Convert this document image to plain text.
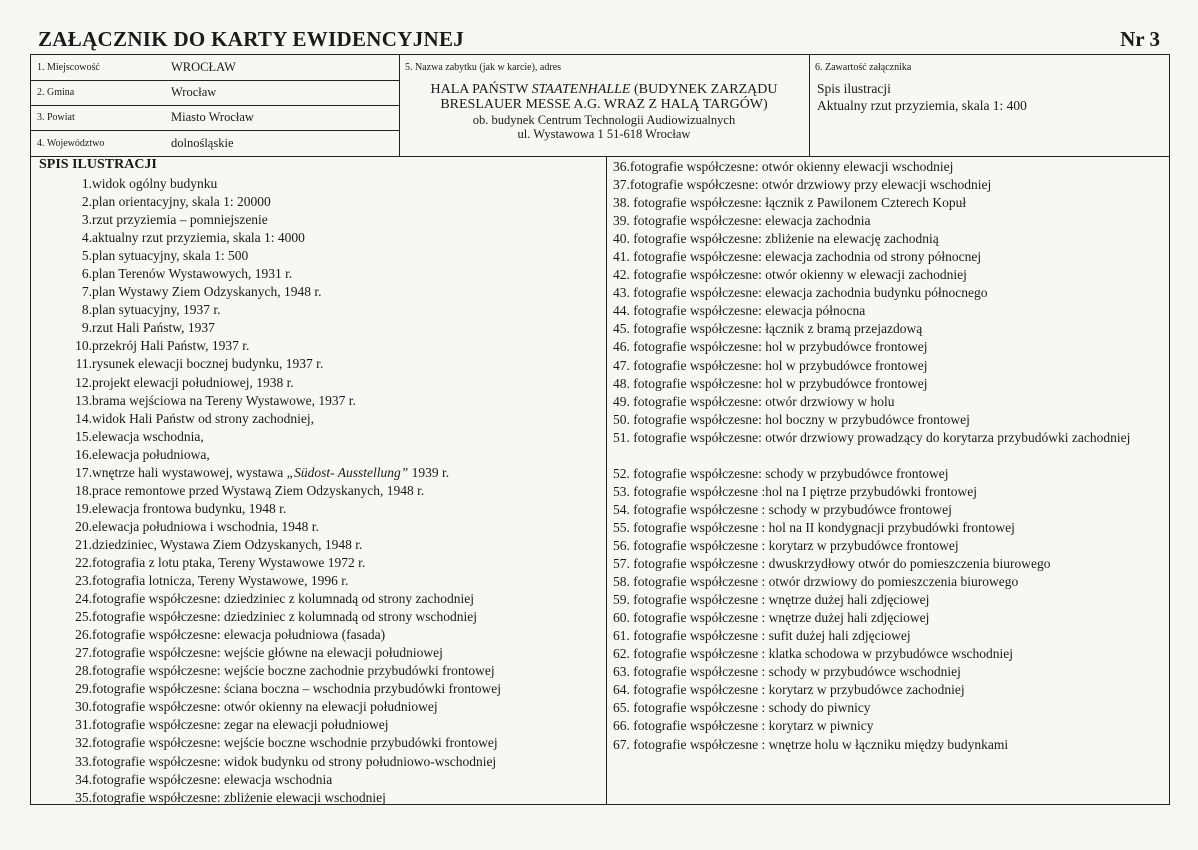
ZAŁĄCZNIK DO KARTY EWIDENCYJNEJ	Nr 3
1. Miejscowość	WROCŁAW
2. Gmina	Wrocław
3. Powiat	Miasto Wrocław
4. Województwo	dolnośląskie
5. Nazwa zabytku (jak w karcie), adres
HALA PAŃSTW STAATENHALLE (BUDYNEK ZARZĄDU
BRESLAUER MESSE A.G. WRAZ Z HALĄ TARGÓW)
ob. budynek Centrum Technologii Audiowizualnych
ul. Wystawowa 1 51-618 Wrocław
6. Zawartość załącznika
Spis ilustracji
Aktualny rzut przyziemia, skala 1: 400
SPIS ILUSTRACJI
1. widok ogólny budynku
2. plan orientacyjny, skala 1: 20000
3. rzut przyziemia – pomniejszenie
4. aktualny rzut przyziemia, skala 1: 4000
5. plan sytuacyjny, skala 1: 500
6. plan Terenów Wystawowych, 1931 r.
7. plan Wystawy Ziem Odzyskanych, 1948 r.
8. plan sytuacyjny, 1937 r.
9. rzut Hali Państw, 1937
10. przekrój Hali Państw, 1937 r.
11. rysunek elewacji bocznej budynku, 1937 r.
12. projekt elewacji południowej, 1938 r.
13. brama wejściowa na Tereny Wystawowe, 1937 r.
14. widok Hali Państw od strony zachodniej,
15. elewacja wschodnia,
16. elewacja południowa,
17. wnętrze hali wystawowej, wystawa „Südost- Ausstellung” 1939 r.
18. prace remontowe przed Wystawą Ziem Odzyskanych, 1948 r.
19. elewacja frontowa budynku, 1948 r.
20. elewacja południowa i wschodnia, 1948 r.
21. dziedziniec, Wystawa Ziem Odzyskanych, 1948 r.
22. fotografia z lotu ptaka, Tereny Wystawowe 1972 r.
23. fotografia lotnicza, Tereny Wystawowe, 1996 r.
24. fotografie współczesne: dziedziniec z kolumnadą od strony zachodniej
25. fotografie współczesne: dziedziniec z kolumnadą od strony wschodniej
26. fotografie współczesne: elewacja południowa (fasada)
27. fotografie współczesne: wejście główne na elewacji południowej
28. fotografie współczesne: wejście boczne zachodnie przybudówki frontowej
29. fotografie współczesne: ściana boczna – wschodnia przybudówki frontowej
30. fotografie współczesne: otwór okienny na elewacji południowej
31. fotografie współczesne: zegar na elewacji południowej
32. fotografie współczesne: wejście boczne wschodnie przybudówki frontowej
33. fotografie współczesne: widok budynku od strony południowo-wschodniej
34. fotografie współczesne: elewacja wschodnia
35. fotografie współczesne: zbliżenie elewacji wschodniej
36.fotografie współczesne: otwór okienny elewacji wschodniej
37.fotografie współczesne: otwór drzwiowy przy elewacji wschodniej
38. fotografie współczesne: łącznik z Pawilonem Czterech Kopuł
39. fotografie współczesne: elewacja zachodnia
40. fotografie współczesne: zbliżenie na elewację zachodnią
41. fotografie współczesne: elewacja zachodnia od strony północnej
42. fotografie współczesne: otwór okienny w elewacji zachodniej
43. fotografie współczesne: elewacja zachodnia budynku północnego
44. fotografie współczesne: elewacja północna
45. fotografie współczesne: łącznik z bramą przejazdową
46. fotografie współczesne: hol w przybudówce frontowej
47. fotografie współczesne: hol w przybudówce frontowej
48. fotografie współczesne: hol w przybudówce frontowej
49. fotografie współczesne: otwór drzwiowy w holu
50. fotografie współczesne: hol boczny w przybudówce frontowej
51. fotografie współczesne: otwór drzwiowy prowadzący do korytarza przybudówki zachodniej
52. fotografie współczesne: schody w przybudówce frontowej
53. fotografie współczesne :hol na I piętrze przybudówki frontowej
54. fotografie współczesne : schody w przybudówce frontowej
55. fotografie współczesne : hol na II kondygnacji przybudówki frontowej
56. fotografie współczesne : korytarz w przybudówce frontowej
57. fotografie współczesne : dwuskrzydłowy otwór do pomieszczenia biurowego
58. fotografie współczesne : otwór drzwiowy do pomieszczenia biurowego
59. fotografie współczesne : wnętrze dużej hali zdjęciowej
60. fotografie współczesne : wnętrze dużej hali zdjęciowej
61. fotografie współczesne : sufit dużej hali zdjęciowej
62. fotografie współczesne : klatka schodowa w przybudówce wschodniej
63. fotografie współczesne : schody w przybudówce wschodniej
64. fotografie współczesne : korytarz w przybudówce zachodniej
65. fotografie współczesne : schody do piwnicy
66. fotografie współczesne : korytarz w piwnicy
67. fotografie współczesne : wnętrze holu w łączniku między budynkami
